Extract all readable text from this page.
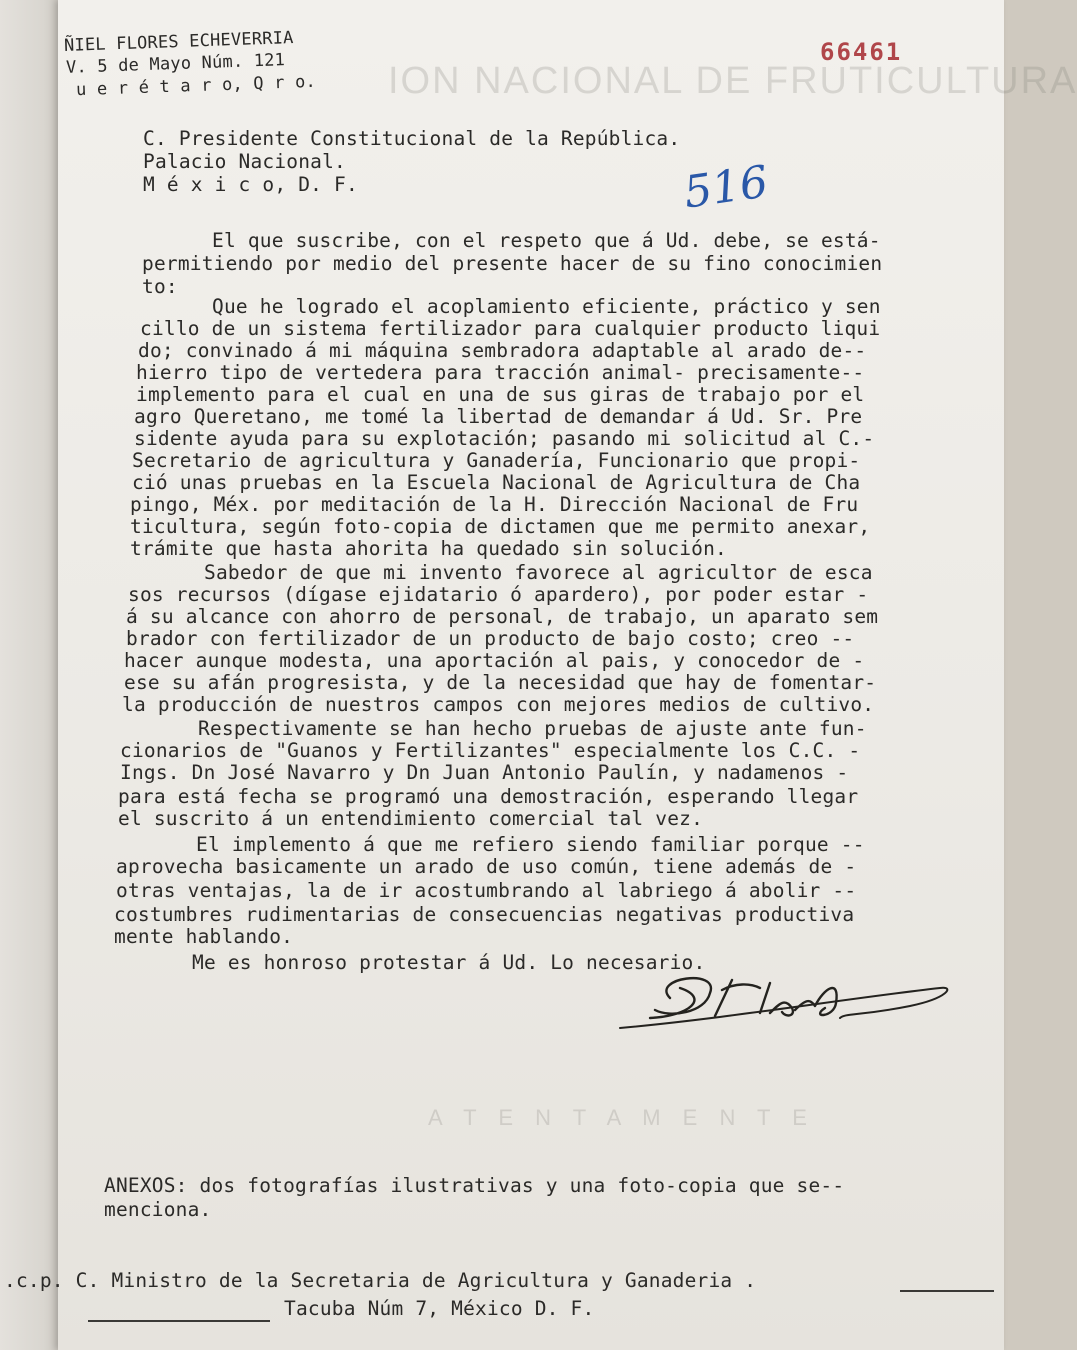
ION NACIONAL DE FRUTICULTURA
A T E N T A M E N T E
66461
516
ÑIEL FLORES ECHEVERRIA
V. 5 de Mayo Núm. 121
u e r é t a r o, Q r o.
C. Presidente Constitucional de la República.
Palacio Nacional.
M é x i c o, D. F.
El que suscribe, con el respeto que á Ud. debe, se está-
permitiendo por medio del presente hacer de su fino conocimien
to:
Que he logrado el acoplamiento eficiente, práctico y sen
cillo de un sistema fertilizador para cualquier producto liqui
do; convinado á mi máquina sembradora adaptable al arado de--
hierro tipo de vertedera para tracción animal- precisamente--
implemento para el cual en una de sus giras de trabajo por el
agro Queretano, me tomé la libertad de demandar á Ud. Sr. Pre
sidente ayuda para su explotación; pasando mi solicitud al C.-
Secretario de agricultura y Ganadería, Funcionario que propi-
ció unas pruebas en la Escuela Nacional de Agricultura de Cha
pingo, Méx. por meditación de la H. Dirección Nacional de Fru
ticultura, según foto-copia de dictamen que me permito anexar,
trámite que hasta ahorita ha quedado sin solución.
Sabedor de que mi invento favorece al agricultor de esca
sos recursos (dígase ejidatario ó apardero), por poder estar -
á su alcance con ahorro de personal, de trabajo, un aparato sem
brador con fertilizador de un producto de bajo costo; creo --
hacer aunque modesta, una aportación al pais, y conocedor de -
ese su afán progresista, y de la necesidad que hay de fomentar-
la producción de nuestros campos con mejores medios de cultivo.
Respectivamente se han hecho pruebas de ajuste ante fun-
cionarios de "Guanos y Fertilizantes" especialmente los C.C. -
Ings. Dn José Navarro y Dn Juan Antonio Paulín, y nadamenos -
para está fecha se programó una demostración, esperando llegar
el suscrito á un entendimiento comercial tal vez.
El implemento á que me refiero siendo familiar porque --
aprovecha basicamente un arado de uso común, tiene además de -
otras ventajas, la de ir acostumbrando al labriego á abolir --
costumbres rudimentarias de consecuencias negativas productiva
mente hablando.
Me es honroso protestar á Ud. Lo necesario.
ANEXOS: dos fotografías ilustrativas y una foto-copia que se--
menciona.
.c.p. C. Ministro de la Secretaria de Agricultura y Ganaderia .
Tacuba Núm 7, México D. F.
